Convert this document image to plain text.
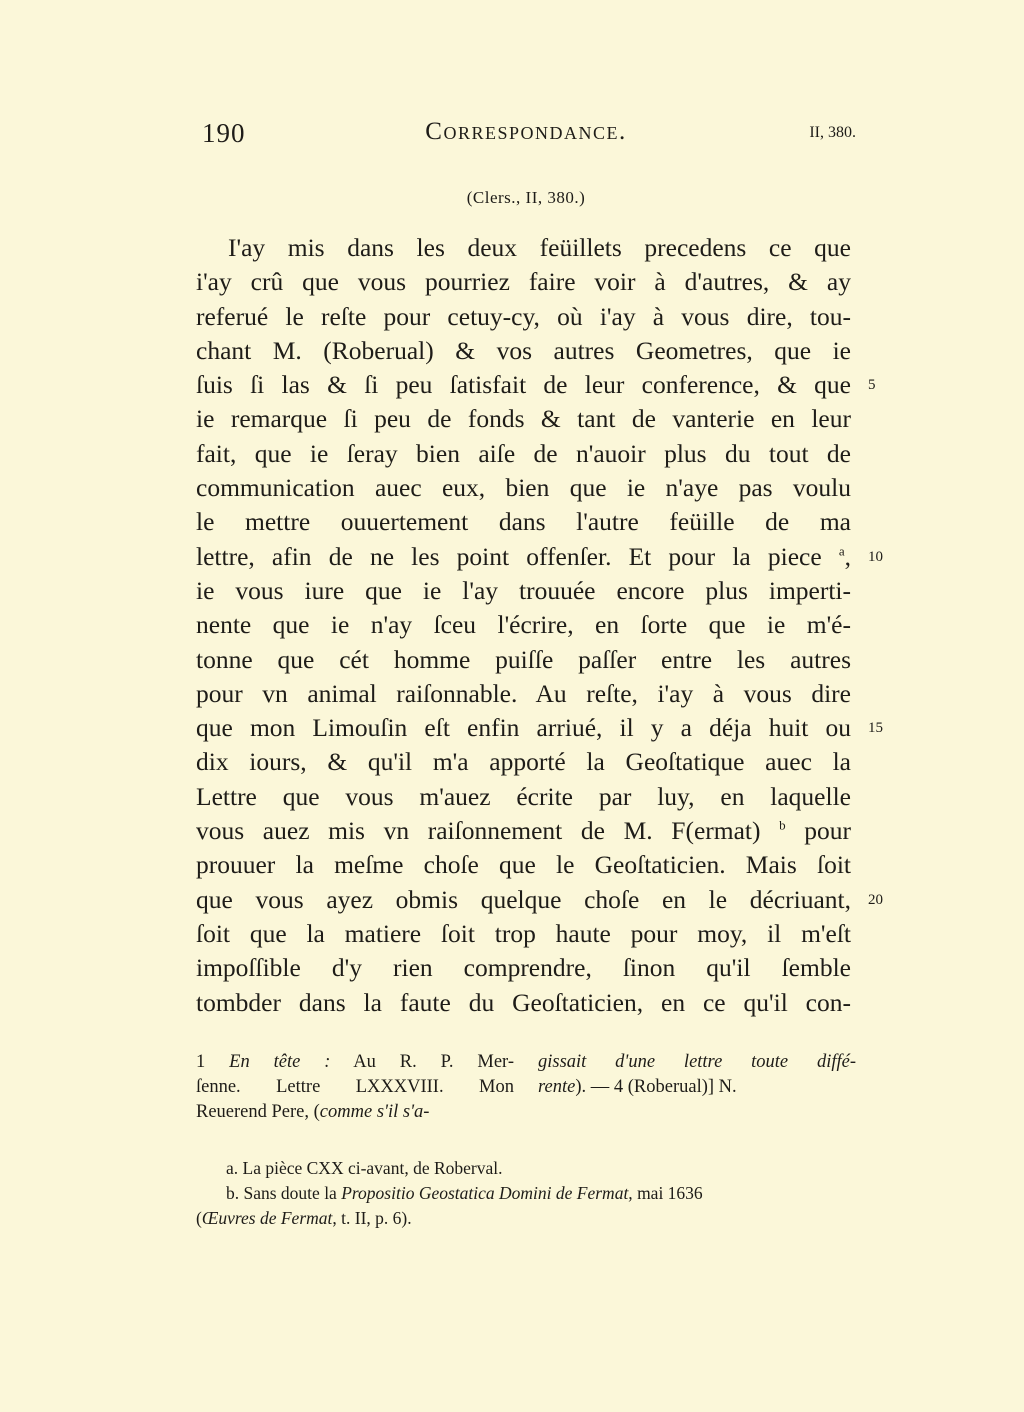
190	Correspondance.	II, 380.
(Clers., II, 380.)
I'ay mis dans les deux feüillets precedens ce que
i'ay crû que vous pourriez faire voir à d'autres, & ay
referué le reſte pour cetuy-cy, où i'ay à vous dire, tou-
chant M. (Roberual) & vos autres Geometres, que ie
ſuis ſi las & ſi peu ſatisfait de leur conference, & que
ie remarque ſi peu de fonds & tant de vanterie en leur
fait, que ie ſeray bien aiſe de n'auoir plus du tout de
communication auec eux, bien que ie n'aye pas voulu
le mettre ouuertement dans l'autre feüille de ma
lettre, afin de ne les point offenſer. Et pour la piece $^a$,
ie vous iure que ie l'ay trouuée encore plus imperti-
nente que ie n'ay ſceu l'écrire, en ſorte que ie m'é-
tonne que cét homme puiſſe paſſer entre les autres
pour vn animal raiſonnable. Au reſte, i'ay à vous dire
que mon Limouſin eſt enfin arriué, il y a déja huit ou
dix iours, & qu'il m'a apporté la Geoſtatique auec la
Lettre que vous m'auez écrite par luy, en laquelle
vous auez mis vn raiſonnement de M. F(ermat) $^b$ pour
prouuer la meſme choſe que le Geoſtaticien. Mais ſoit
que vous ayez obmis quelque choſe en le décriuant,
ſoit que la matiere ſoit trop haute pour moy, il m'eſt
impoſſible d'y rien comprendre, ſinon qu'il ſemble
tombder dans la faute du Geoſtaticien, en ce qu'il con-
5
10
15
20
1 En tête : Au R. P. Mer-
ſenne. Lettre LXXXVIII. Mon
Reuerend Pere, (comme s'il s'a-
gissait d'une lettre toute diffé-
rente). — 4 (Roberual)] N.
a. La pièce CXX ci-avant, de Roberval.
b. Sans doute la Propositio Geostatica Domini de Fermat, mai 1636
(Œuvres de Fermat, t. II, p. 6).
